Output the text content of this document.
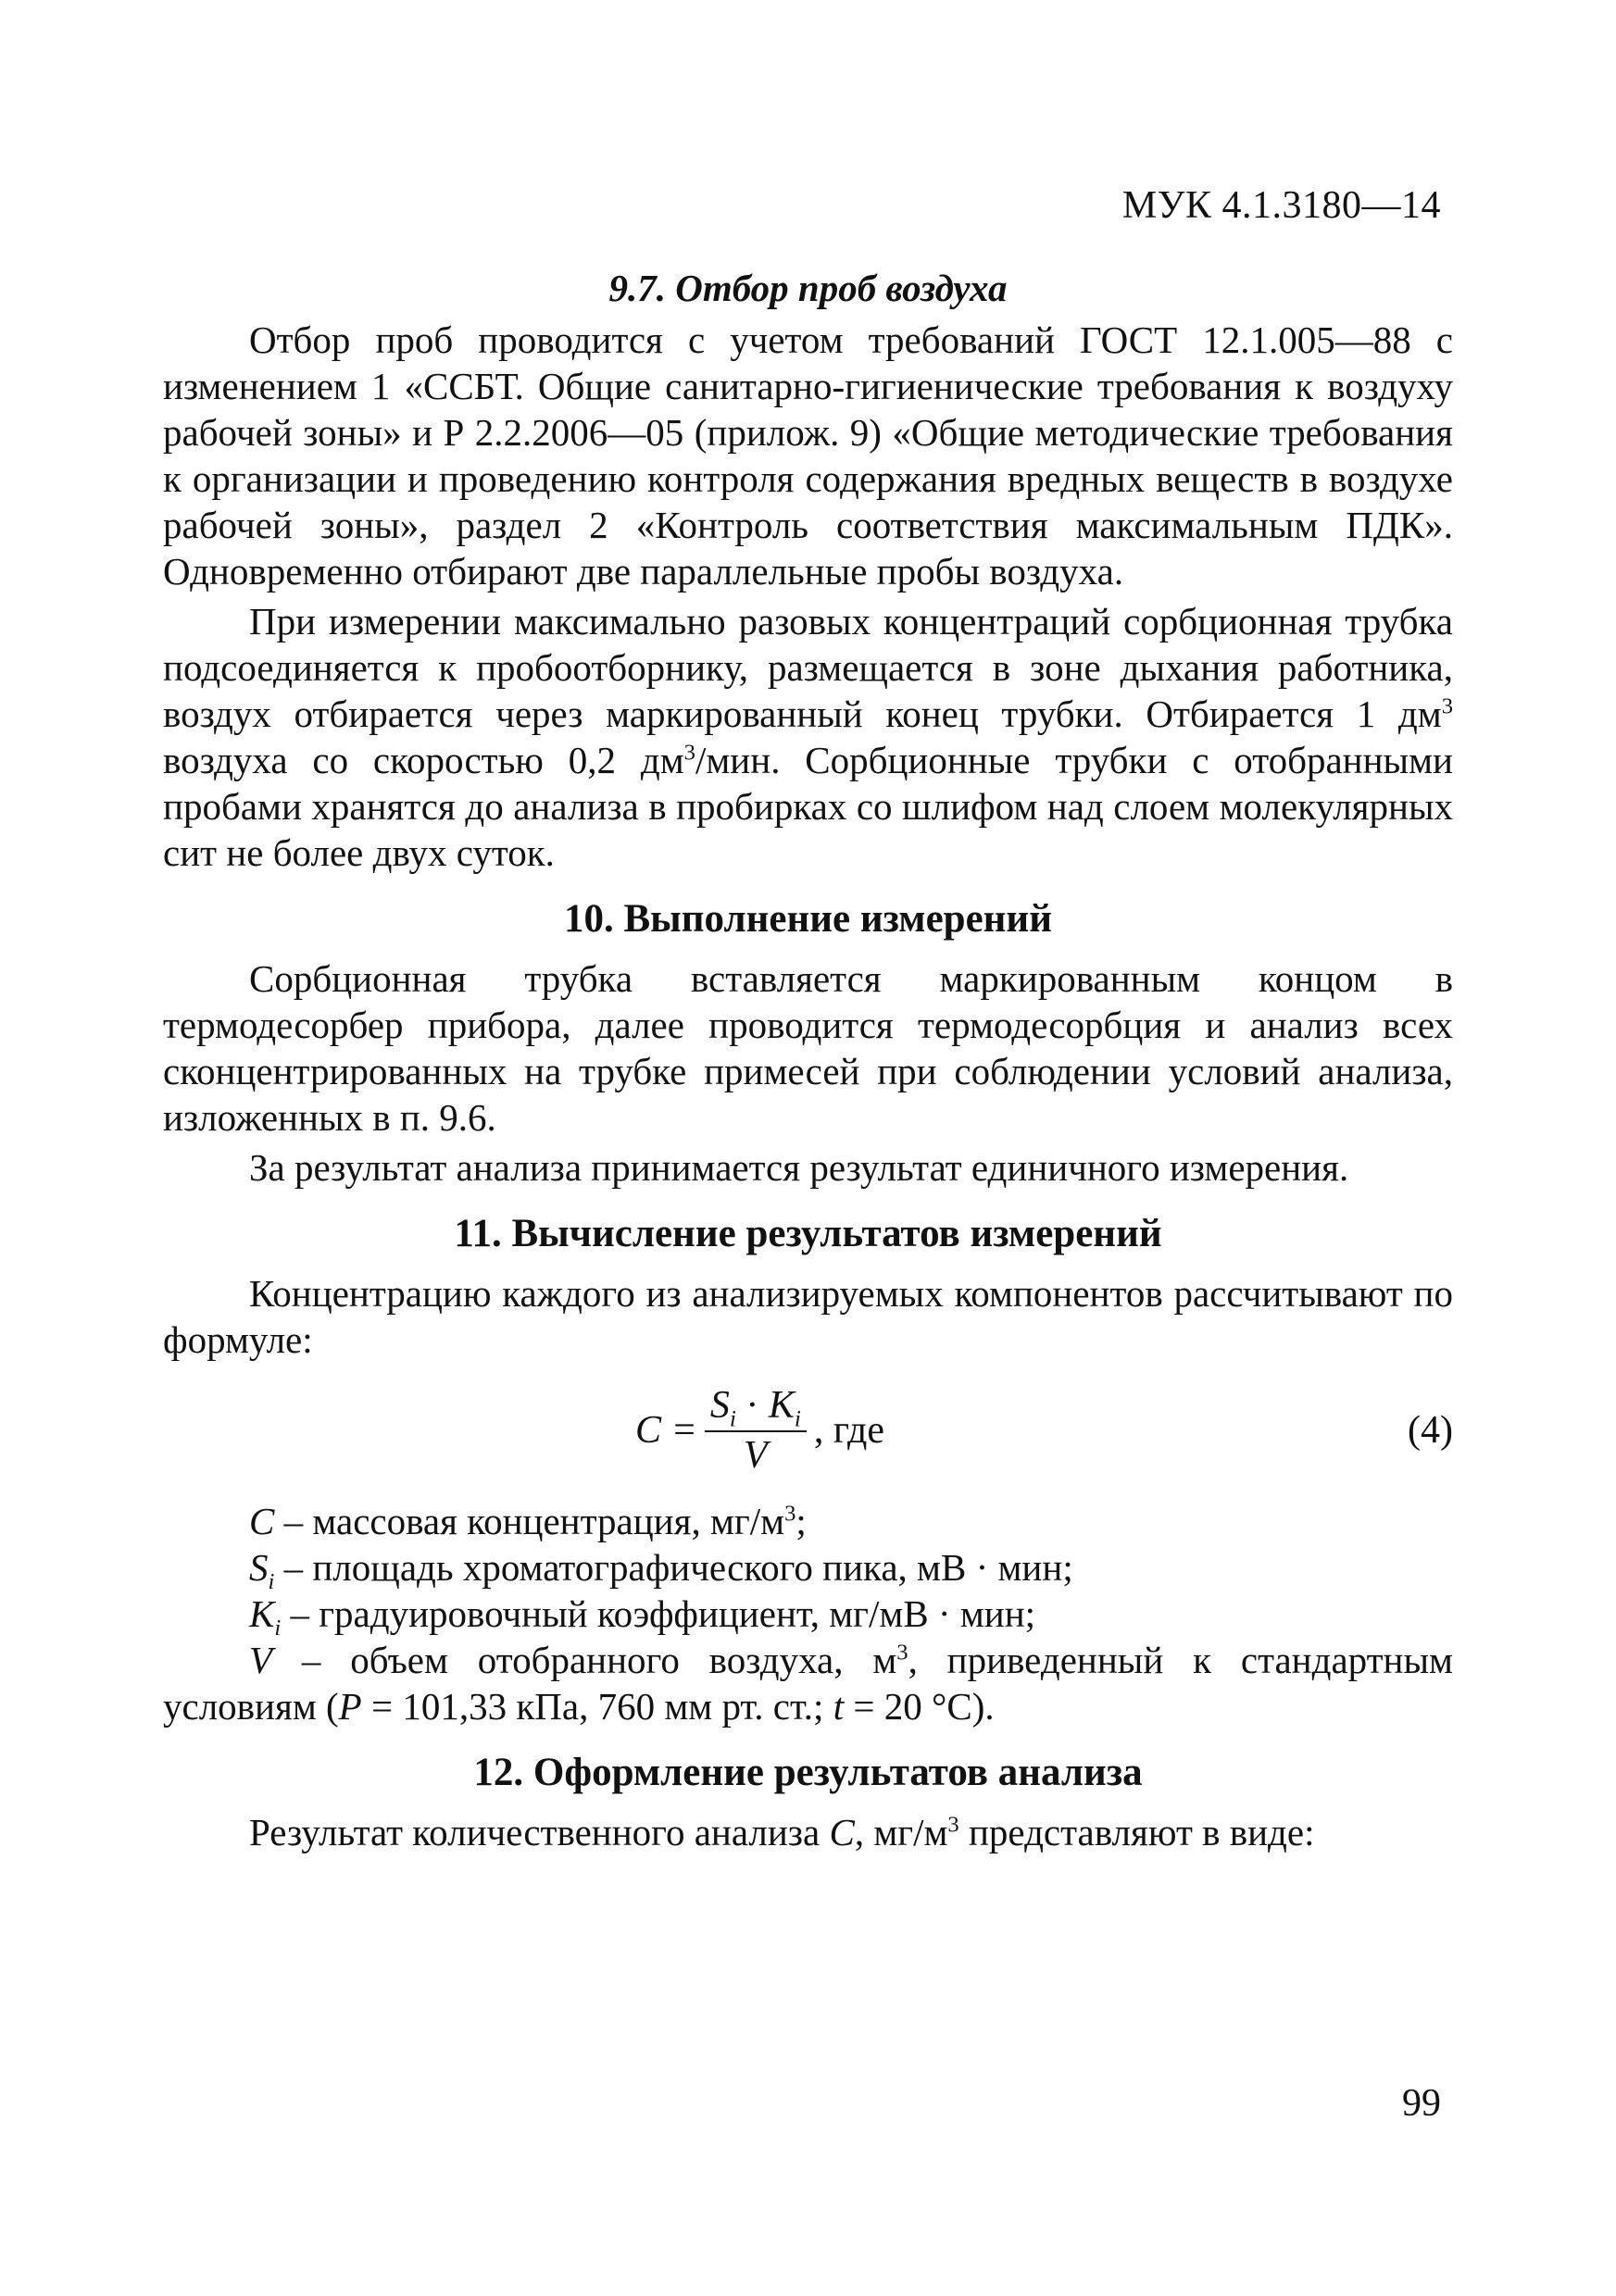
МУК 4.1.3180—14
9.7. Отбор проб воздуха

Отбор проб проводится с учетом требований ГОСТ 12.1.005—88 с изменением 1 «ССБТ. Общие санитарно-гигиенические требования к воздуху рабочей зоны» и Р 2.2.2006—05 (прилож. 9) «Общие методические требования к организации и проведению контроля содержания вредных веществ в воздухе рабочей зоны», раздел 2 «Контроль соответствия максимальным ПДК». Одновременно отбирают две параллельные пробы воздуха.

При измерении максимально разовых концентраций сорбционная трубка подсоединяется к пробоотборнику, размещается в зоне дыхания работника, воздух отбирается через маркированный конец трубки. Отбирается 1 $дм^3$ воздуха со скоростью 0,2 $дм^3$/мин. Сорбционные трубки с отобранными пробами хранятся до анализа в пробирках со шлифом над слоем молекулярных сит не более двух суток.

10. Выполнение измерений

Сорбционная трубка вставляется маркированным концом в термодесорбер прибора, далее проводится термодесорбция и анализ всех сконцентрированных на трубке примесей при соблюдении условий анализа, изложенных в п. 9.6.

За результат анализа принимается результат единичного измерения.

11. Вычисление результатов измерений

Концентрацию каждого из анализируемых компонентов рассчитывают по формуле:

$C = \frac{S_i \cdot K_i}{V}$ , где	(4)

C – массовая концентрация, $мг/м^3$;

$S_i$ – площадь хроматографического пика, мВ · мин;

$K_i$ – градуировочный коэффициент, мг/мВ · мин;

V – объем отобранного воздуха, $м^3$, приведенный к стандартным условиям (P = 101,33 кПа, 760 мм рт. ст.; t = 20 °С).

12. Оформление результатов анализа

Результат количественного анализа C, $мг/м^3$ представляют в виде:

99
